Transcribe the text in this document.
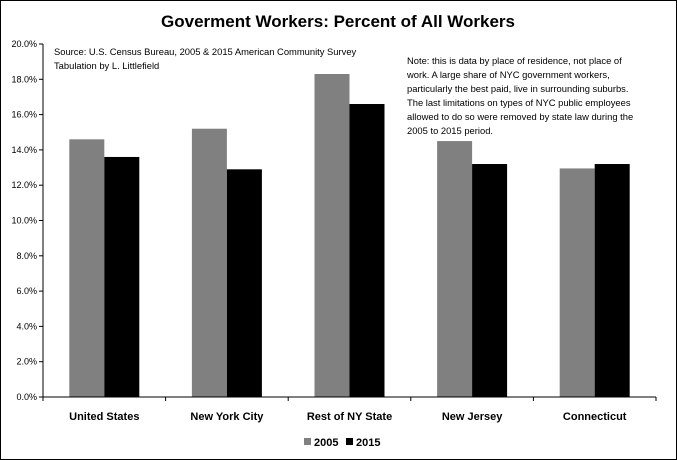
Goverment Workers: Percent of All Workers
0.0%
2.0%
4.0%
6.0%
8.0%
10.0%
12.0%
14.0%
16.0%
18.0%
20.0%
United States	New York City	Rest of NY State	New Jersey	Connecticut
Source: U.S. Census Bureau, 2005 & 2015 American Community Survey
Tabulation by L. Littlefield	Note: this is data by place of residence, not place of
work. A large share of NYC government workers,
particularly the best paid, live in surrounding suburbs.
The last limitations on types of NYC public employees
allowed to do so were removed by state law during the
2005 to 2015 period.
2005 2015
